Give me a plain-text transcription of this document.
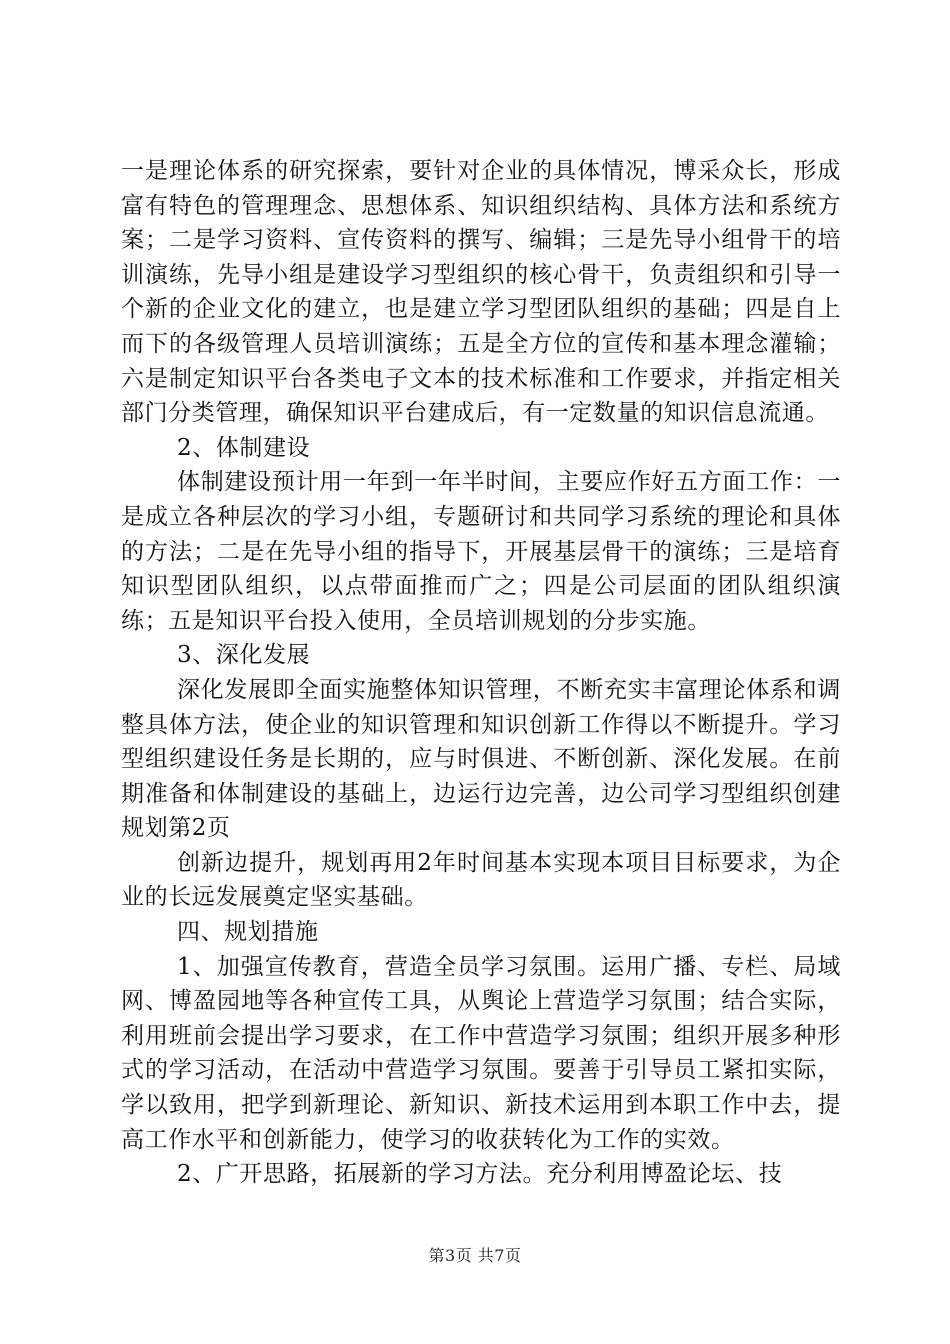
一是理论体系的研究探索，要针对企业的具体情况，博采众长，形成富有特色的管理理念、思想体系、知识组织结构、具体方法和系统方案；二是学习资料、宣传资料的撰写、编辑；三是先导小组骨干的培训演练，先导小组是建设学习型组织的核心骨干，负责组织和引导一个新的企业文化的建立，也是建立学习型团队组织的基础；四是自上而下的各级管理人员培训演练；五是全方位的宣传和基本理念灌输；六是制定知识平台各类电子文本的技术标准和工作要求，并指定相关部门分类管理，确保知识平台建成后，有一定数量的知识信息流通。

2、体制建设

体制建设预计用一年到一年半时间，主要应作好五方面工作：一是成立各种层次的学习小组，专题研讨和共同学习系统的理论和具体的方法；二是在先导小组的指导下，开展基层骨干的演练；三是培育知识型团队组织，以点带面推而广之；四是公司层面的团队组织演练；五是知识平台投入使用，全员培训规划的分步实施。

3、深化发展

深化发展即全面实施整体知识管理，不断充实丰富理论体系和调整具体方法，使企业的知识管理和知识创新工作得以不断提升。学习型组织建设任务是长期的，应与时俱进、不断创新、深化发展。在前期准备和体制建设的基础上，边运行边完善，边公司学习型组织创建规划第2页

创新边提升，规划再用2年时间基本实现本项目目标要求，为企业的长远发展奠定坚实基础。

四、规划措施

1、加强宣传教育，营造全员学习氛围。运用广播、专栏、局域网、博盈园地等各种宣传工具，从舆论上营造学习氛围；结合实际，利用班前会提出学习要求，在工作中营造学习氛围；组织开展多种形式的学习活动，在活动中营造学习氛围。要善于引导员工紧扣实际，学以致用，把学到新理论、新知识、新技术运用到本职工作中去，提高工作水平和创新能力，使学习的收获转化为工作的实效。

2、广开思路，拓展新的学习方法。充分利用博盈论坛、技

第3页 共7页
